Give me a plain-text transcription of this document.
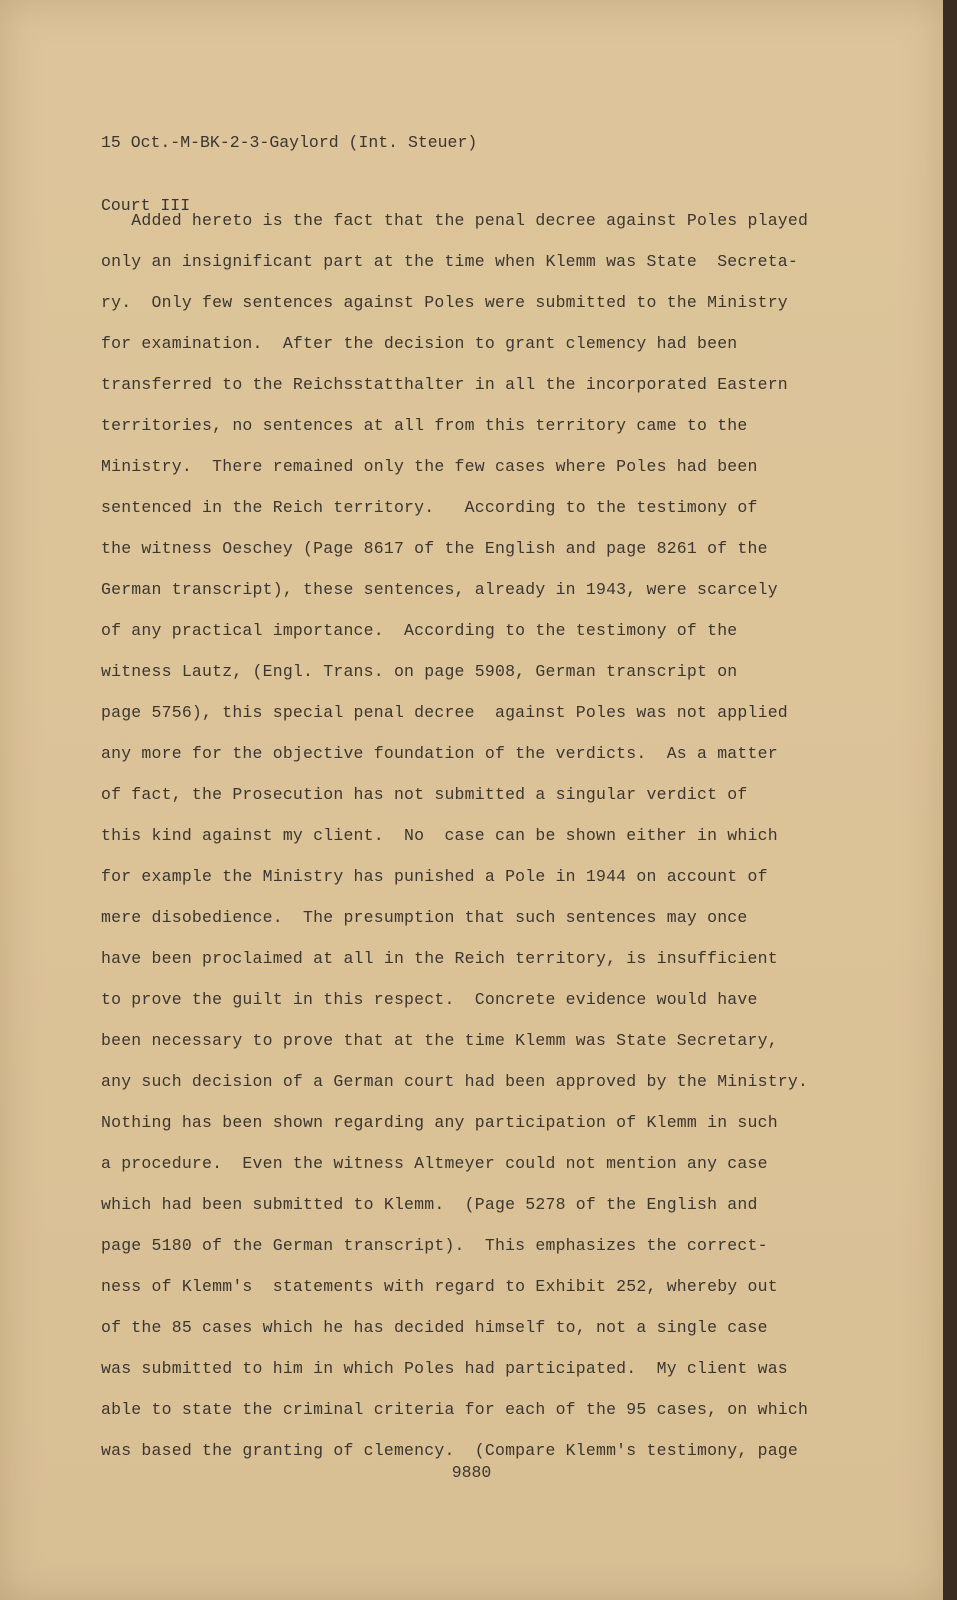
15 Oct.-M-BK-2-3-Gaylord (Int. Steuer)

Court III

Added hereto is the fact that the penal decree against Poles played
only an insignificant part at the time when Klemm was State  Secreta-
ry.  Only few sentences against Poles were submitted to the Ministry
for examination.  After the decision to grant clemency had been
transferred to the Reichsstatthalter in all the incorporated Eastern
territories, no sentences at all from this territory came to the
Ministry.  There remained only the few cases where Poles had been
sentenced in the Reich territory.   According to the testimony of
the witness Oeschey (Page 8617 of the English and page 8261 of the
German transcript), these sentences, already in 1943, were scarcely
of any practical importance.  According to the testimony of the
witness Lautz, (Engl. Trans. on page 5908, German transcript on
page 5756), this special penal decree  against Poles was not applied
any more for the objective foundation of the verdicts.  As a matter
of fact, the Prosecution has not submitted a singular verdict of
this kind against my client.  No  case can be shown either in which
for example the Ministry has punished a Pole in 1944 on account of
mere disobedience.  The presumption that such sentences may once
have been proclaimed at all in the Reich territory, is insufficient
to prove the guilt in this respect.  Concrete evidence would have
been necessary to prove that at the time Klemm was State Secretary,
any such decision of a German court had been approved by the Ministry.
Nothing has been shown regarding any participation of Klemm in such
a procedure.  Even the witness Altmeyer could not mention any case
which had been submitted to Klemm.  (Page 5278 of the English and
page 5180 of the German transcript).  This emphasizes the correct-
ness of Klemm's  statements with regard to Exhibit 252, whereby out
of the 85 cases which he has decided himself to, not a single case
was submitted to him in which Poles had participated.  My client was
able to state the criminal criteria for each of the 95 cases, on which
was based the granting of clemency.  (Compare Klemm's testimony, page
9880
